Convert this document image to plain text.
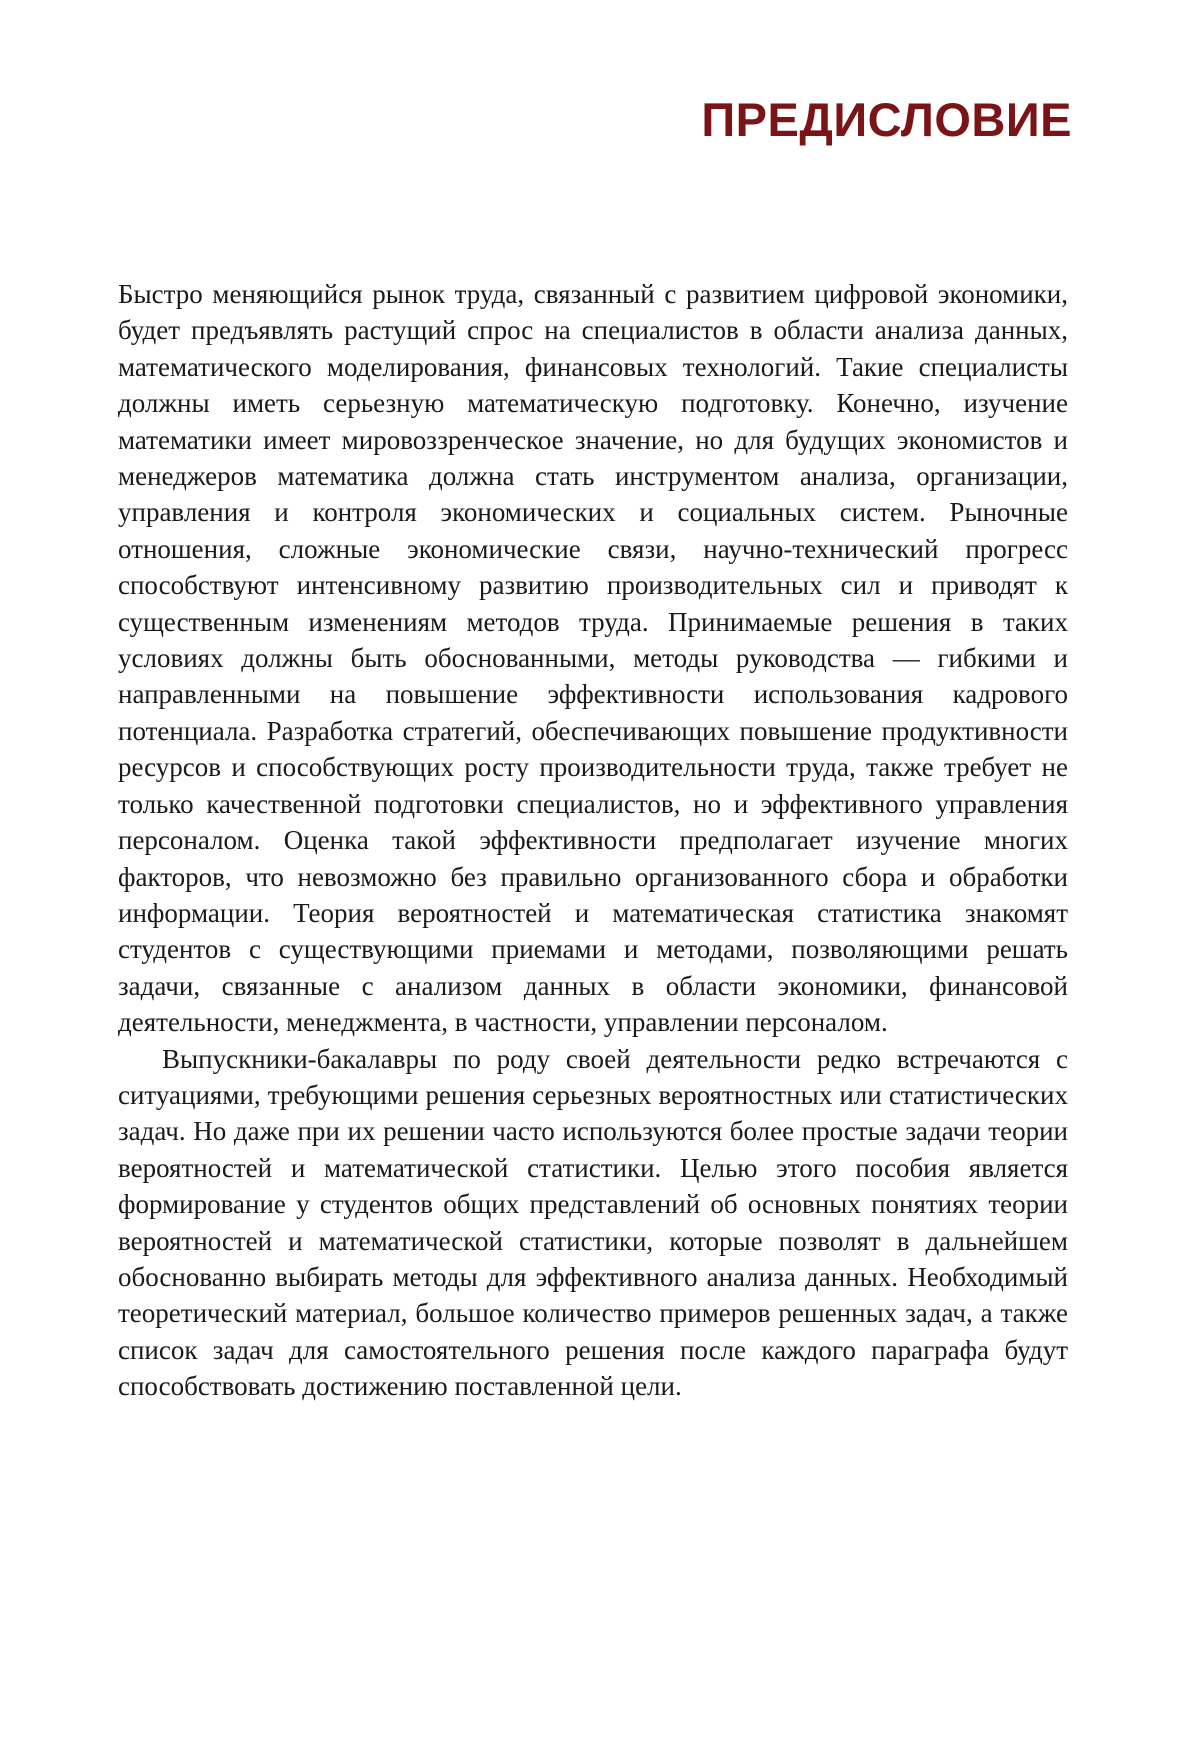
ПРЕДИСЛОВИЕ

Быстро меняющийся рынок труда, связанный с развитием цифровой экономики, будет предъявлять растущий спрос на специалистов в области анализа данных, математического моделирования, финансовых технологий. Такие специалисты должны иметь серьезную математическую подготовку. Конечно, изучение математики имеет мировоззренческое значение, но для будущих экономистов и менеджеров математика должна стать инструментом анализа, организации, управления и контроля экономических и социальных систем. Рыночные отношения, сложные экономические связи, научно-технический прогресс способствуют интенсивному развитию производительных сил и приводят к существенным изменениям методов труда. Принимаемые решения в таких условиях должны быть обоснованными, методы руководства — гибкими и направленными на повышение эффективности использования кадрового потенциала. Разработка стратегий, обеспечивающих повышение продуктивности ресурсов и способствующих росту производительности труда, также требует не только качественной подготовки специалистов, но и эффективного управления персоналом. Оценка такой эффективности предполагает изучение многих факторов, что невозможно без правильно организованного сбора и обработки информации. Теория вероятностей и математическая статистика знакомят студентов с существующими приемами и методами, позволяющими решать задачи, связанные с анализом данных в области экономики, финансовой деятельности, менеджмента, в частности, управлении персоналом.

Выпускники-бакалавры по роду своей деятельности редко встречаются с ситуациями, требующими решения серьезных вероятностных или статистических задач. Но даже при их решении часто используются более простые задачи теории вероятностей и математической статистики. Целью этого пособия является формирование у студентов общих представлений об основных понятиях теории вероятностей и математической статистики, которые позволят в дальнейшем обоснованно выбирать методы для эффективного анализа данных. Необходимый теоретический материал, большое количество примеров решенных задач, а также список задач для самостоятельного решения после каждого параграфа будут способствовать достижению поставленной цели.
